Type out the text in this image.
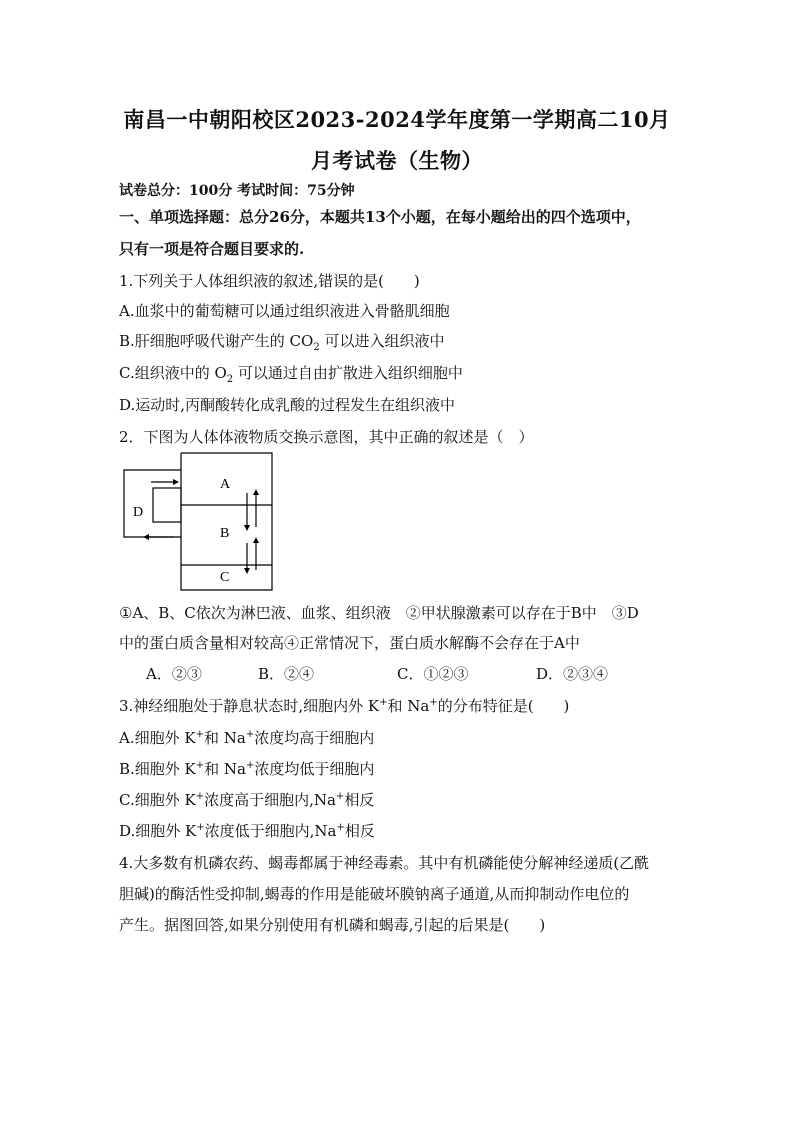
南昌一中朝阳校区2023-2024学年度第一学期高二10月
月考试卷（生物）
试卷总分：100分 考试时间：75分钟
一、单项选择题：总分26分，本题共13个小题，在每小题给出的四个选项中，
只有一项是符合题目要求的.
1.下列关于人体组织液的叙述,错误的是(　　)
A.血浆中的葡萄糖可以通过组织液进入骨骼肌细胞
B.肝细胞呼吸代谢产生的 $CO_2$ 可以进入组织液中
C.组织液中的 $O_2$ 可以通过自由扩散进入组织细胞中
D.运动时,丙酮酸转化成乳酸的过程发生在组织液中
2．下图为人体体液物质交换示意图，其中正确的叙述是（　）
A
B
C
D
①A、B、C依次为淋巴液、血浆、组织液　②甲状腺激素可以存在于B中　③D
中的蛋白质含量相对较高④正常情况下，蛋白质水解酶不会存在于A中
A．②③	B．②④	C．①②③	D．②③④
3.神经细胞处于静息状态时,细胞内外 K+和 Na+的分布特征是(　　)
A.细胞外 K+和 Na+浓度均高于细胞内
B.细胞外 K+和 Na+浓度均低于细胞内
C.细胞外 K+浓度高于细胞内,Na+相反
D.细胞外 K+浓度低于细胞内,Na+相反
4.大多数有机磷农药、蝎毒都属于神经毒素。其中有机磷能使分解神经递质(乙酰
胆碱)的酶活性受抑制,蝎毒的作用是能破坏膜钠离子通道,从而抑制动作电位的
产生。据图回答,如果分别使用有机磷和蝎毒,引起的后果是(　　)
